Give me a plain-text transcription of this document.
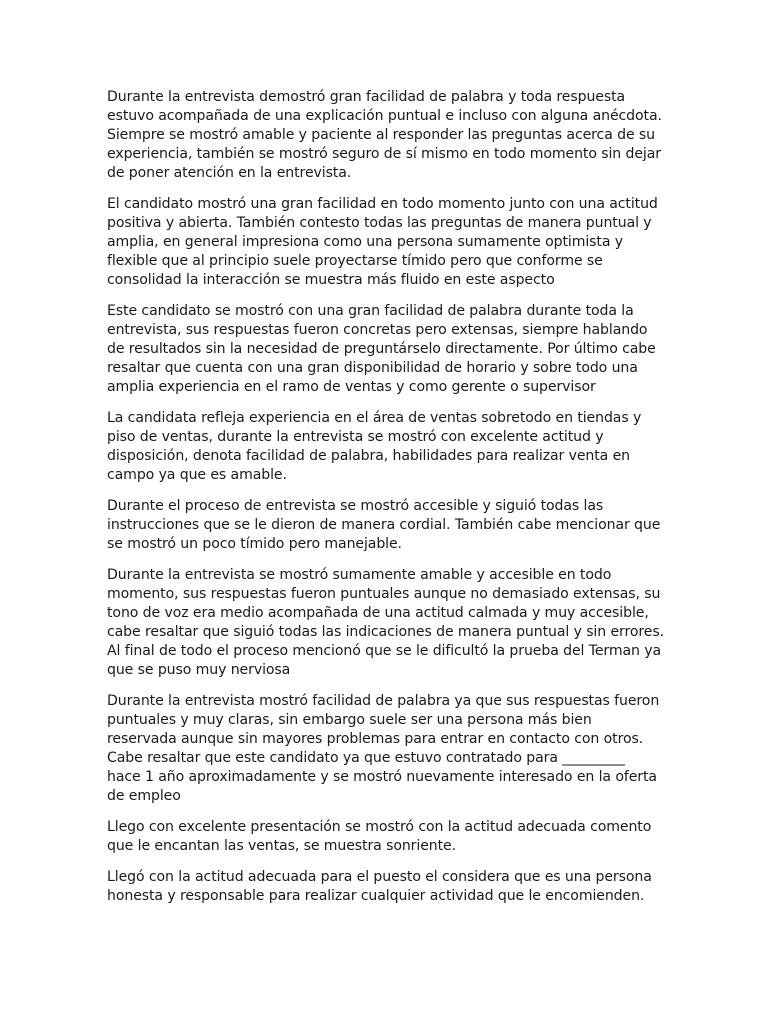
Durante la entrevista demostró gran facilidad de palabra y toda respuesta
estuvo acompañada de una explicación puntual e incluso con alguna anécdota.
Siempre se mostró amable y paciente al responder las preguntas acerca de su
experiencia, también se mostró seguro de sí mismo en todo momento sin dejar
de poner atención en la entrevista.

El candidato mostró una gran facilidad en todo momento junto con una actitud
positiva y abierta. También contesto todas las preguntas de manera puntual y
amplia, en general impresiona como una persona sumamente optimista y
flexible que al principio suele proyectarse tímido pero que conforme se
consolidad la interacción se muestra más fluido en este aspecto

Este candidato se mostró con una gran facilidad de palabra durante toda la
entrevista, sus respuestas fueron concretas pero extensas, siempre hablando
de resultados sin la necesidad de preguntárselo directamente. Por último cabe
resaltar que cuenta con una gran disponibilidad de horario y sobre todo una
amplia experiencia en el ramo de ventas y como gerente o supervisor

La candidata refleja experiencia en el área de ventas sobretodo en tiendas y
piso de ventas, durante la entrevista se mostró con excelente actitud y
disposición, denota facilidad de palabra, habilidades para realizar venta en
campo ya que es amable.

Durante el proceso de entrevista se mostró accesible y siguió todas las
instrucciones que se le dieron de manera cordial. También cabe mencionar que
se mostró un poco tímido pero manejable.

Durante la entrevista se mostró sumamente amable y accesible en todo
momento, sus respuestas fueron puntuales aunque no demasiado extensas, su
tono de voz era medio acompañada de una actitud calmada y muy accesible,
cabe resaltar que siguió todas las indicaciones de manera puntual y sin errores.
Al final de todo el proceso mencionó que se le dificultó la prueba del Terman ya
que se puso muy nerviosa

Durante la entrevista mostró facilidad de palabra ya que sus respuestas fueron
puntuales y muy claras, sin embargo suele ser una persona más bien
reservada aunque sin mayores problemas para entrar en contacto con otros.
Cabe resaltar que este candidato ya que estuvo contratado para _________
hace 1 año aproximadamente y se mostró nuevamente interesado en la oferta
de empleo

Llego con excelente presentación se mostró con la actitud adecuada comento
que le encantan las ventas, se muestra sonriente.

Llegó con la actitud adecuada para el puesto el considera que es una persona
honesta y responsable para realizar cualquier actividad que le encomienden.
